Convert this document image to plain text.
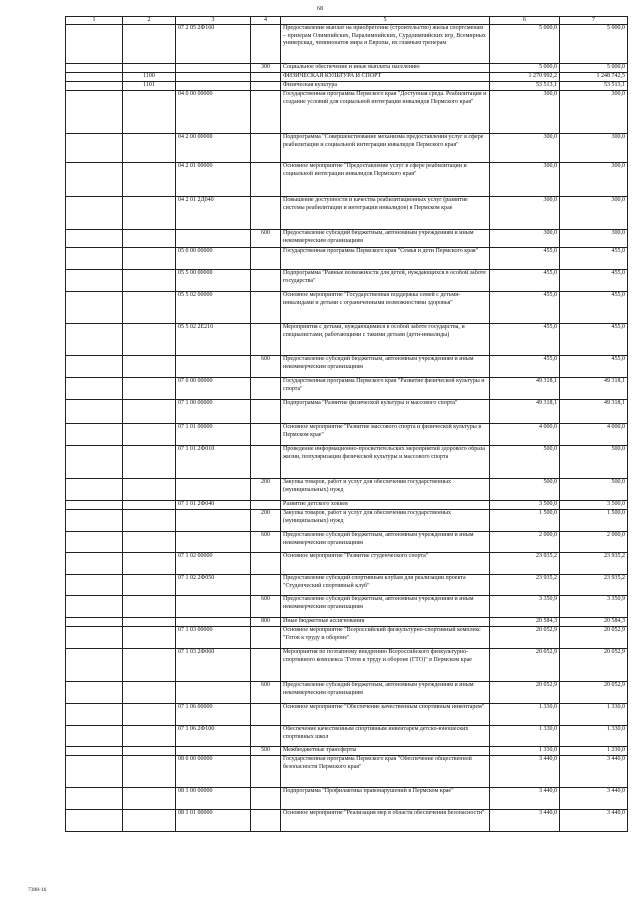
68
1	2	3	4	5	6	7
		07 2 05 2Ф160		Предоставление выплат на приобретение (строительство) жилья спортсменам – призерам Олимпийских, Паралимпийских, Сурдлимпийских игр, Всемирных универсиад, чемпионатов мира и Европы, их главным тренерам	5 000,0	5 000,0
			300	Социальное обеспечение и иные выплаты населению	5 000,0	5 000,0
	1100			ФИЗИЧЕСКАЯ КУЛЬТУРА И СПОРТ	1 270 992,2	1 248 742,5
	1101			Физическая культура	53 513,1	53 513,1
		04 0 00 00000		Государственная программа Пермского края "Доступная среда. Реабилитация и создание условий для социальной интеграции инвалидов Пермского края"	300,0	300,0
		04 2 00 00000		Подпрограмма "Совершенствование механизма предоставления услуг в сфере реабилитации и социальной интеграции инвалидов Пермского края"	300,0	300,0
		04 2 01 00000		Основное мероприятие "Предоставление услуг в сфере реабилитации и социальной интеграции инвалидов Пермского края"	300,0	300,0
		04 2 01 2Д040		Повышение доступности и качества реабилитационных услуг (развитие системы реабилитации и интеграции инвалидов) в Пермском крае	300,0	300,0
			600	Предоставление субсидий бюджетным, автономным учреждениям и иным некоммерческим организациям	300,0	300,0
		05 0 00 00000		Государственная программа Пермского края "Семья и дети Пермского края"	455,0	455,0
		05 5 00 00000		Подпрограмма "Равные возможности для детей, нуждающихся в особой заботе государства"	455,0	455,0
		05 5 02 00000		Основное мероприятие "Государственная поддержка семей с детьми-инвалидами и детьми с ограниченными возможностями здоровья"	455,0	455,0
		05 5 02 2Е210		Мероприятия с детьми, нуждающимися в особой заботе государства, и специалистами, работающими с такими детьми (дети-инвалиды)	455,0	455,0
			600	Предоставление субсидий бюджетным, автономным учреждениям и иным некоммерческим организациям	455,0	455,0
		07 0 00 00000		Государственная программа Пермского края "Развитие физической культуры и спорта"	49 318,1	49 318,1
		07 1 00 00000		Подпрограмма "Развитие физической культуры и массового спорта"	49 318,1	49 318,1
		07 1 01 00000		Основное мероприятие "Развитие массового спорта и физической культуры в Пермском крае"	4 000,0	4 000,0
		07 1 01 2Ф010		Проведение информационно-просветительских мероприятий здорового образа жизни, популяризации физической культуры и массового спорта	500,0	500,0
			200	Закупка товаров, работ и услуг для обеспечения государственных (муниципальных) нужд	500,0	500,0
		07 1 01 2Ф040		Развитие детского хоккея	3 500,0	3 500,0
			200	Закупка товаров, работ и услуг для обеспечения государственных (муниципальных) нужд	1 500,0	1 500,0
			600	Предоставление субсидий бюджетным, автономным учреждениям и иным некоммерческим организациям	2 000,0	2 000,0
		07 1 02 00000		Основное мероприятие "Развитие студенческого спорта"	23 935,2	23 935,2
		07 1 02 2Ф050		Предоставление субсидий спортивным клубам для реализации проекта "Студенческий спортивный клуб"	23 935,2	23 935,2
			600	Предоставление субсидий бюджетным, автономным учреждениям и иным некоммерческим организациям	3 350,9	3 350,9
			800	Иные бюджетные ассигнования	20 584,3	20 584,3
		07 1 03 00000		Основное мероприятие "Всероссийский физкультурно-спортивный комплекс "Готов к труду и обороне"	20 052,9	20 052,9
		07 1 03 2Ф060		Мероприятия по поэтапному внедрению Всероссийского физкультурно-спортивного комплекса "Готов к труду и обороне (ГТО)" в Пермском крае	20 052,9	20 052,9
			600	Предоставление субсидий бюджетным, автономным учреждениям и иным некоммерческим организациям	20 052,9	20 052,9
		07 1 06 00000		Основное мероприятие "Обеспечение качественным спортивным инвентарем"	1 330,0	1 330,0
		07 1 06 2Ф100		Обеспечение качественным спортивным инвентарем детско-юношеских спортивных школ	1 330,0	1 330,0
			500	Межбюджетные трансферты	1 330,0	1 330,0
		08 0 00 00000		Государственная программа Пермского края "Обеспечение общественной безопасности Пермского края"	3 440,0	3 440,0
		08 1 00 00000		Подпрограмма "Профилактика правонарушений в Пермском крае"	3 440,0	3 440,0
		08 1 01 00000		Основное мероприятие "Реализация мер в области обеспечения безопасности"	3 440,0	3 440,0
7308-16
